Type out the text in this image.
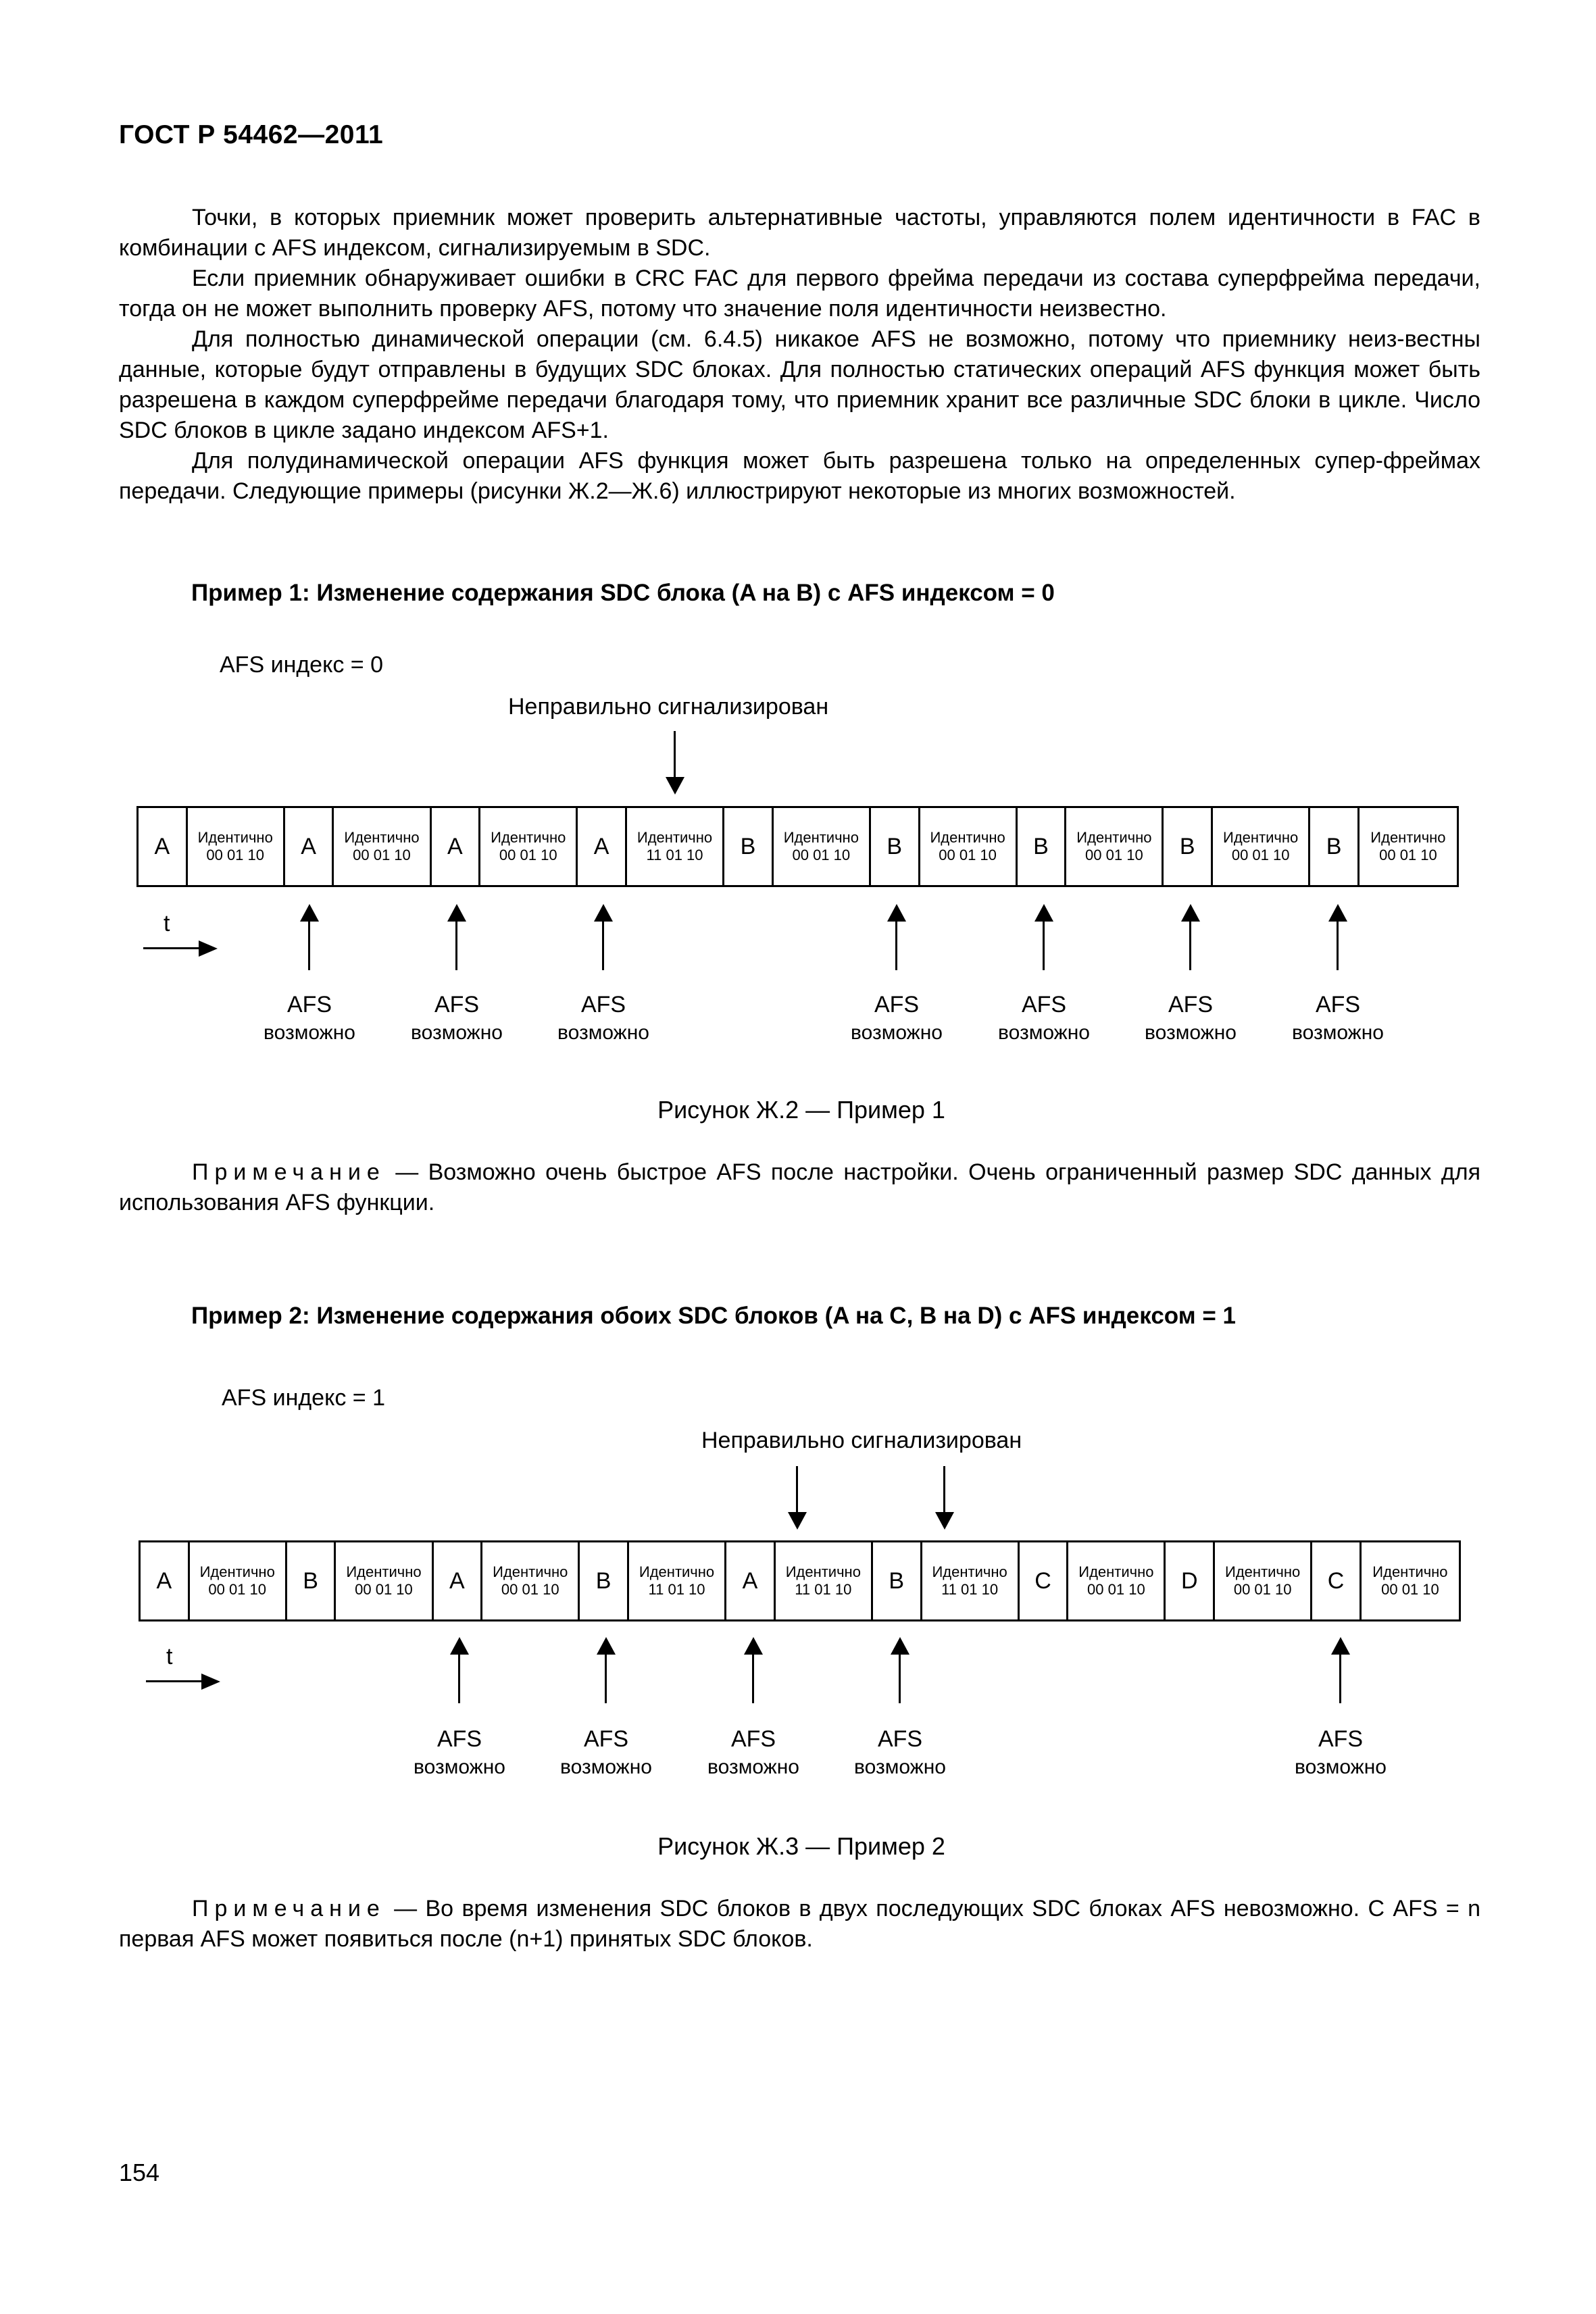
ГОСТ Р 54462—2011

Точки, в которых приемник может проверить альтернативные частоты, управляются полем идентичности в FAC в комбинации с AFS индексом, сигнализируемым в SDC.

Если приемник обнаруживает ошибки в CRC FAC для первого фрейма передачи из состава суперфрейма передачи, тогда он не может выполнить проверку AFS, потому что значение поля идентичности неизвестно.

Для полностью динамической операции (см. 6.4.5) никакое AFS не возможно, потому что приемнику неиз-вестны данные, которые будут отправлены в будущих SDC блоках. Для полностью статических операций AFS функция может быть разрешена в каждом суперфрейме передачи благодаря тому, что приемник хранит все различные SDC блоки в цикле. Число SDC блоков в цикле задано индексом AFS+1.

Для полудинамической операции AFS функция может быть разрешена только на определенных супер-фреймах передачи. Следующие примеры (рисунки Ж.2—Ж.6) иллюстрируют некоторые из многих возможностей.

Пример 1: Изменение содержания SDC блока (A на B) с AFS индексом = 0
AFS индекс = 0
Неправильно сигнализирован
A	Идентично
00 01 10	A	Идентично
00 01 10	A	Идентично
00 01 10	A	Идентично
11 01 10	B	Идентично
00 01 10	B	Идентично
00 01 10	B	Идентично
00 01 10	B	Идентично
00 01 10	B	Идентично
00 01 10
t
Рисунок Ж.2 — Пример 1

Примечание — Возможно очень быстрое AFS после настройки. Очень ограниченный размер SDC данных для использования AFS функции.

Пример 2: Изменение содержания обоих SDC блоков (A на C, B на D) с AFS индексом = 1
AFS индекс = 1
Неправильно сигнализирован
A	Идентично
00 01 10	B	Идентично
00 01 10	A	Идентично
00 01 10	B	Идентично
11 01 10	A	Идентично
11 01 10	B	Идентично
11 01 10	C	Идентично
00 01 10	D	Идентично
00 01 10	C	Идентично
00 01 10
t
Рисунок Ж.3 — Пример 2

Примечание — Во время изменения SDC блоков в двух последующих SDC блоках AFS невозможно. С AFS = n первая AFS может появиться после (n+1) принятых SDC блоков.

154
AFS
возможно
AFS
возможно
AFS
возможно
AFS
возможно
AFS
возможно
AFS
возможно
AFS
возможно
AFS
возможно
AFS
возможно
AFS
возможно
AFS
возможно
AFS
возможно
